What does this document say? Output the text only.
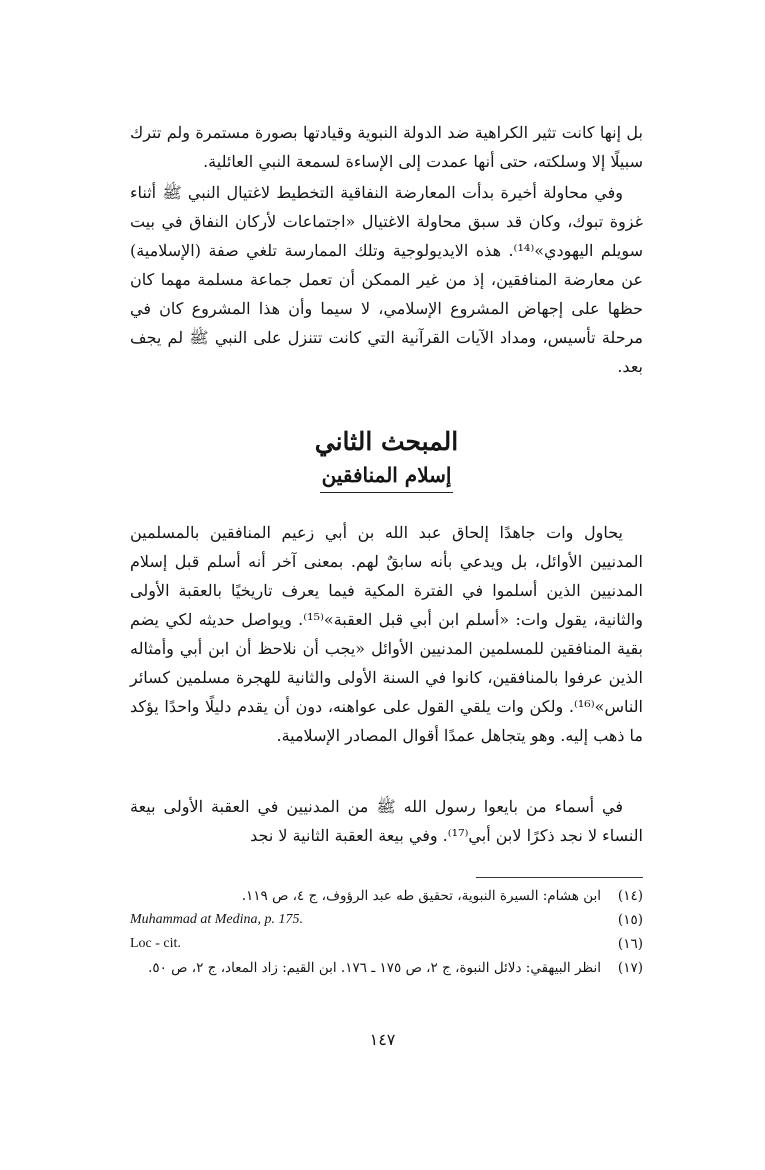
بل إنها كانت تثير الكراهية ضد الدولة النبوية وقيادتها بصورة مستمرة ولم تترك سبيلًا إلا وسلكته، حتى أنها عمدت إلى الإساءة لسمعة النبي العائلية.

وفي محاولة أخيرة بدأت المعارضة النفاقية التخطيط لاغتيال النبي ﷺ أثناء غزوة تبوك، وكان قد سبق محاولة الاغتيال «اجتماعات لأركان النفاق في بيت سويلم اليهودي»⁽¹⁴⁾. هذه الايديولوجية وتلك الممارسة تلغي صفة (الإسلامية) عن معارضة المنافقين، إذ من غير الممكن أن تعمل جماعة مسلمة مهما كان حظها على إجهاض المشروع الإسلامي، لا سيما وأن هذا المشروع كان في مرحلة تأسيس، ومداد الآيات القرآنية التي كانت تتنزل على النبي ﷺ لم يجف بعد.

المبحث الثاني
إسلام المنافقين

يحاول وات جاهدًا إلحاق عبد الله بن أبي زعيم المنافقين بالمسلمين المدنيين الأوائل، بل ويدعي بأنه سابقٌ لهم. بمعنى آخر أنه أسلم قبل إسلام المدنيين الذين أسلموا في الفترة المكية فيما يعرف تاريخيًا بالعقبة الأولى والثانية، يقول وات: «أسلم ابن أبي قبل العقبة»⁽¹⁵⁾. ويواصل حديثه لكي يضم بقية المنافقين للمسلمين المدنيين الأوائل «يجب أن نلاحظ أن ابن أبي وأمثاله الذين عرفوا بالمنافقين، كانوا في السنة الأولى والثانية للهجرة مسلمين كسائر الناس»⁽¹⁶⁾. ولكن وات يلقي القول على عواهنه، دون أن يقدم دليلًا واحدًا يؤكد ما ذهب إليه. وهو يتجاهل عمدًا أقوال المصادر الإسلامية.

في أسماء من بايعوا رسول الله ﷺ من المدنيين في العقبة الأولى بيعة النساء لا نجد ذكرًا لابن أبي⁽¹⁷⁾. وفي بيعة العقبة الثانية لا نجد

(١٤)
ابن هشام: السيرة النبوية، تحقيق طه عبد الرؤوف، ج ٤، ص ١١٩.
(١٥)
Muhammad at Medina, p. 175.
(١٦)
Loc - cit.
(١٧)
انظر البيهقي: دلائل النبوة، ج ٢، ص ١٧٥ ـ ١٧٦. ابن القيم: زاد المعاد، ج ٢، ص ٥٠.
١٤٧
